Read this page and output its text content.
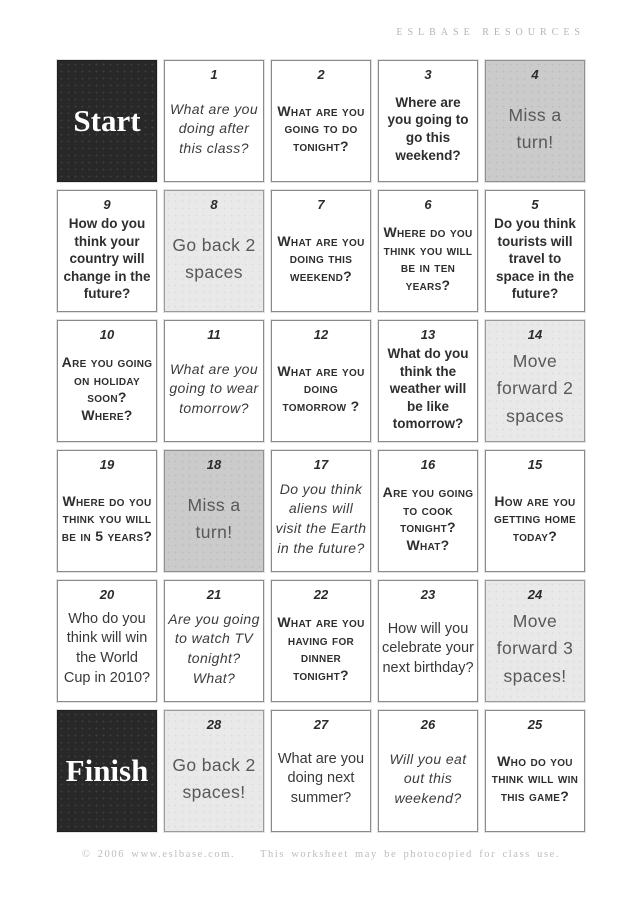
ESLBASE RESOURCES
Start
1
What are you doing after this class?
2
What are you going to do tonight?
3
Where are you going to go this weekend?
4
Miss a turn!
9
How do you think your country will change in the future?
8
Go back 2 spaces
7
What are you doing this weekend?
6
Where do you think you will be in ten years?
5
Do you think tourists will travel to space in the future?
10
Are you going on holiday soon? Where?
11
What are you going to wear tomorrow?
12
What are you doing tomorrow ?
13
What do you think the weather will be like tomorrow?
14
Move forward 2 spaces
19
Where do you think you will be in 5 years?
18
Miss a turn!
17
Do you think aliens will visit the Earth in the future?
16
Are you going to cook tonight? What?
15
How are you getting home today?
20
Who do you think will win the World Cup in 2010?
21
Are you going to watch TV tonight? What?
22
What are you having for dinner tonight?
23
How will you celebrate your next birthday?
24
Move forward 3 spaces!
Finish
28
Go back 2 spaces!
27
What are you doing next summer?
26
Will you eat out this weekend?
25
Who do you think will win this game?
© 2006 www.eslbase.com.    This worksheet may be photocopied for class use.
